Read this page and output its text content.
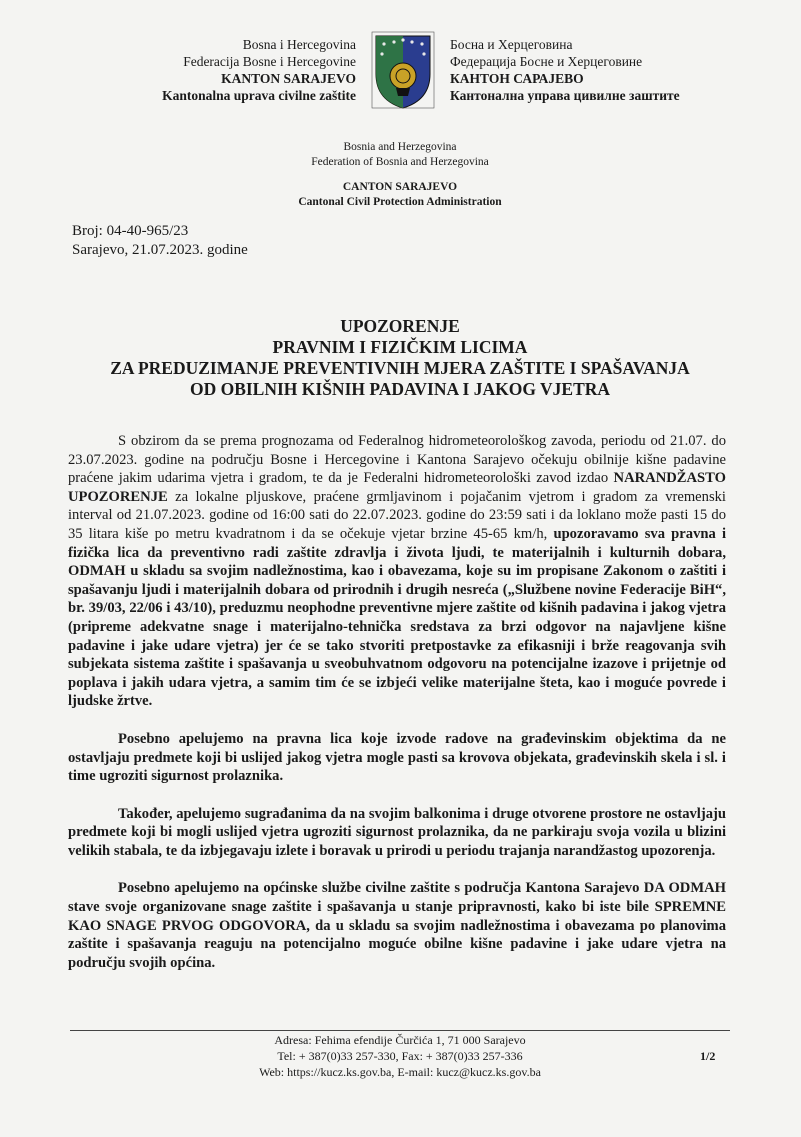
Bosna i Hercegovina
Federacija Bosne i Hercegovine
KANTON SARAJEVO
Kantonalna uprava civilne zaštite
Босна и Херцеговина
Федерација Босне и Херцеговине
КАНТОН САРАЈЕВО
Кантонална управа цивилне заштите
Bosnia and Herzegovina
Federation of Bosnia and Herzegovina
CANTON SARAJEVO
Cantonal Civil Protection Administration
Broj: 04-40-965/23
Sarajevo, 21.07.2023. godine
UPOZORENJE
PRAVNIM I FIZIČKIM LICIMA
ZA PREDUZIMANJE PREVENTIVNIH MJERA ZAŠTITE I SPAŠAVANJA
OD OBILNIH KIŠNIH PADAVINA I JAKOG VJETRA

S obzirom da se prema prognozama od Federalnog hidrometeorološkog zavoda, periodu od 21.07. do 23.07.2023. godine na području Bosne i Hercegovine i Kantona Sarajevo očekuju obilnije kišne padavine praćene jakim udarima vjetra i gradom, te da je Federalni hidrometeorološki zavod izdao NARANDŽASTO UPOZORENJE za lokalne pljuskove, praćene grmljavinom i pojačanim vjetrom i gradom za vremenski interval od 21.07.2023. godine od 16:00 sati do 22.07.2023. godine do 23:59 sati i da loklano može pasti 15 do 35 litara kiše po metru kvadratnom i da se očekuje vjetar brzine 45-65 km/h, upozoravamo sva pravna i fizička lica da preventivno radi zaštite zdravlja i života ljudi, te materijalnih i kulturnih dobara, ODMAH u skladu sa svojim nadležnostima, kao i obavezama, koje su im propisane Zakonom o zaštiti i spašavanju ljudi i materijalnih dobara od prirodnih i drugih nesreća („Službene novine Federacije BiH“, br. 39/03, 22/06 i 43/10), preduzmu neophodne preventivne mjere zaštite od kišnih padavina i jakog vjetra (pripreme adekvatne snage i materijalno-tehnička sredstava za brzi odgovor na najavljene kišne padavine i jake udare vjetra) jer će se tako stvoriti pretpostavke za efikasniji i brže reagovanja svih subjekata sistema zaštite i spašavanja u sveobuhvatnom odgovoru na potencijalne izazove i prijetnje od poplava i jakih udara vjetra, a samim tim će se izbjeći velike materijalne šteta, kao i moguće povrede i ljudske žrtve.

Posebno apelujemo na pravna lica koje izvode radove na građevinskim objektima da ne ostavljaju predmete koji bi uslijed jakog vjetra mogle pasti sa krovova objekata, građevinskih skela i sl. i time ugroziti sigurnost prolaznika.

Također, apelujemo sugrađanima da na svojim balkonima i druge otvorene prostore ne ostavljaju predmete koji bi mogli uslijed vjetra ugroziti sigurnost prolaznika, da ne parkiraju svoja vozila u blizini velikih stabala, te da izbjegavaju izlete i boravak u prirodi u periodu trajanja narandžastog upozorenja.

Posebno apelujemo na općinske službe civilne zaštite s područja Kantona Sarajevo DA ODMAH stave svoje organizovane snage zaštite i spašavanja u stanje pripravnosti, kako bi iste bile SPREMNE KAO SNAGE PRVOG ODGOVORA, da u skladu sa svojim nadležnostima i obavezama po planovima zaštite i spašavanja reaguju na potencijalno moguće obilne kišne padavine i jake udare vjetra na području svojih općina.

Adresa: Fehima efendije Čurčića 1, 71 000 Sarajevo
Tel: + 387(0)33 257-330, Fax: + 387(0)33 257-336
Web: https://kucz.ks.gov.ba, E-mail: kucz@kucz.ks.gov.ba
1/2
